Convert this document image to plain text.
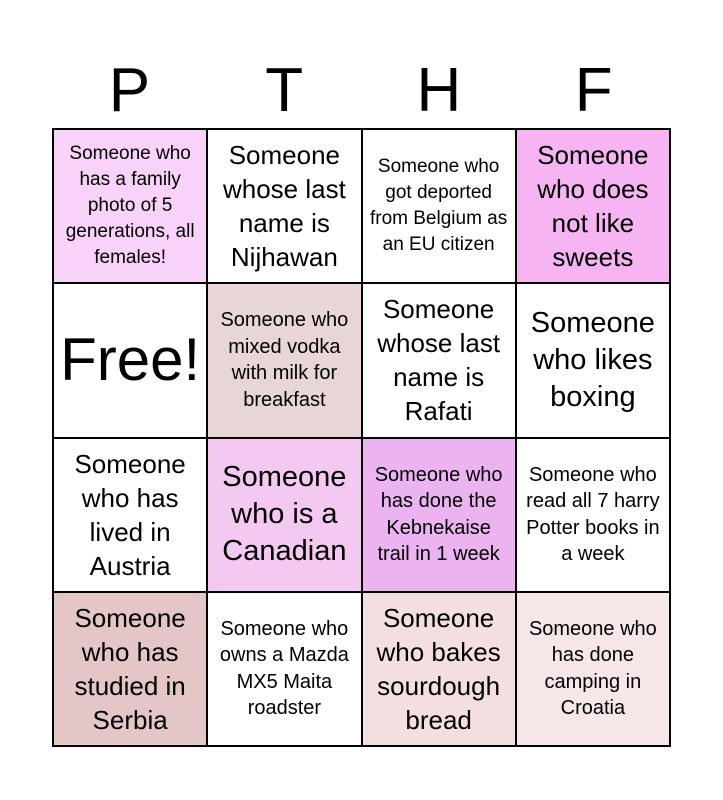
P	T	H	F
Someone who has a family photo of 5 generations, all females!
Someone whose last name is Nijhawan
Someone who got deported from Belgium as an EU citizen
Someone who does not like sweets
Free!
Someone who mixed vodka with milk for breakfast
Someone whose last name is Rafati
Someone who likes boxing
Someone who has lived in Austria
Someone who is a Canadian
Someone who has done the Kebnekaise trail in 1 week
Someone who read all 7 harry Potter books in a week
Someone who has studied in Serbia
Someone who owns a Mazda MX5 Maita roadster
Someone who bakes sourdough bread
Someone who has done camping in Croatia
